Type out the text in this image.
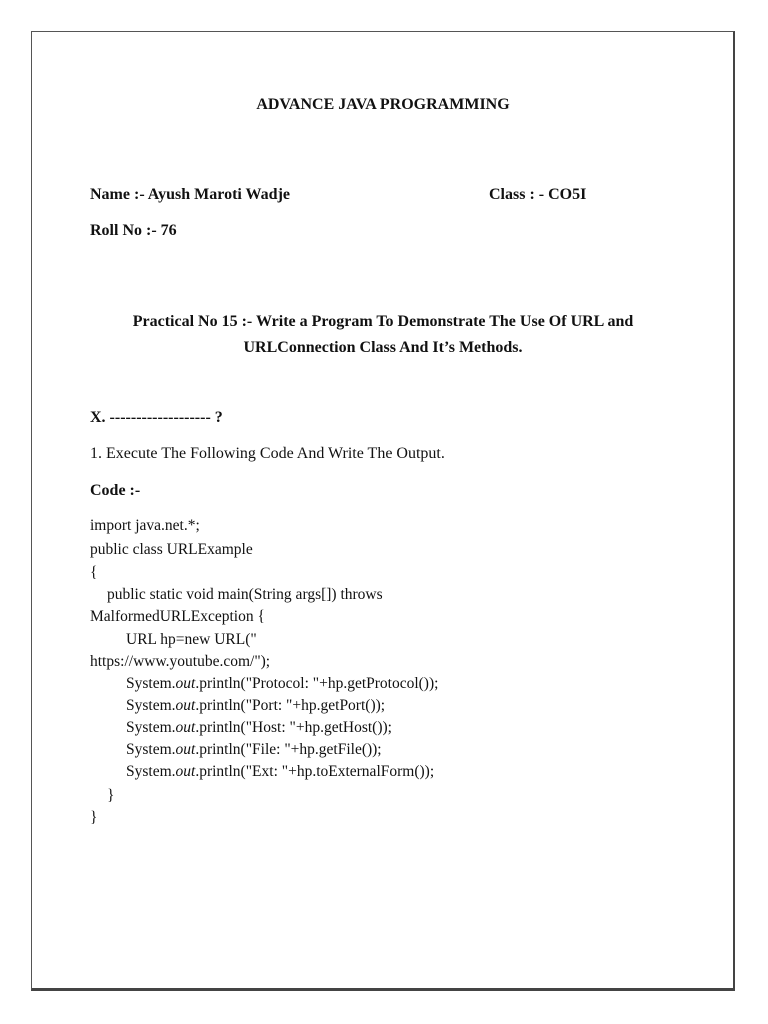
ADVANCE JAVA PROGRAMMING
Name :- Ayush Maroti Wadje	Class : - CO5I
Roll No :- 76
Practical No 15 :- Write a Program To Demonstrate The Use Of URL and
URLConnection Class And It’s Methods.
X. ------------------- ?
1. Execute The Following Code And Write The Output.
Code :-
import java.net.*;
public class URLExample
{
public static void main(String args[]) throws
MalformedURLException {
URL hp=new URL("
https://www.youtube.com/");
System.out.println("Protocol: "+hp.getProtocol());
System.out.println("Port: "+hp.getPort());
System.out.println("Host: "+hp.getHost());
System.out.println("File: "+hp.getFile());
System.out.println("Ext: "+hp.toExternalForm());
}
}
